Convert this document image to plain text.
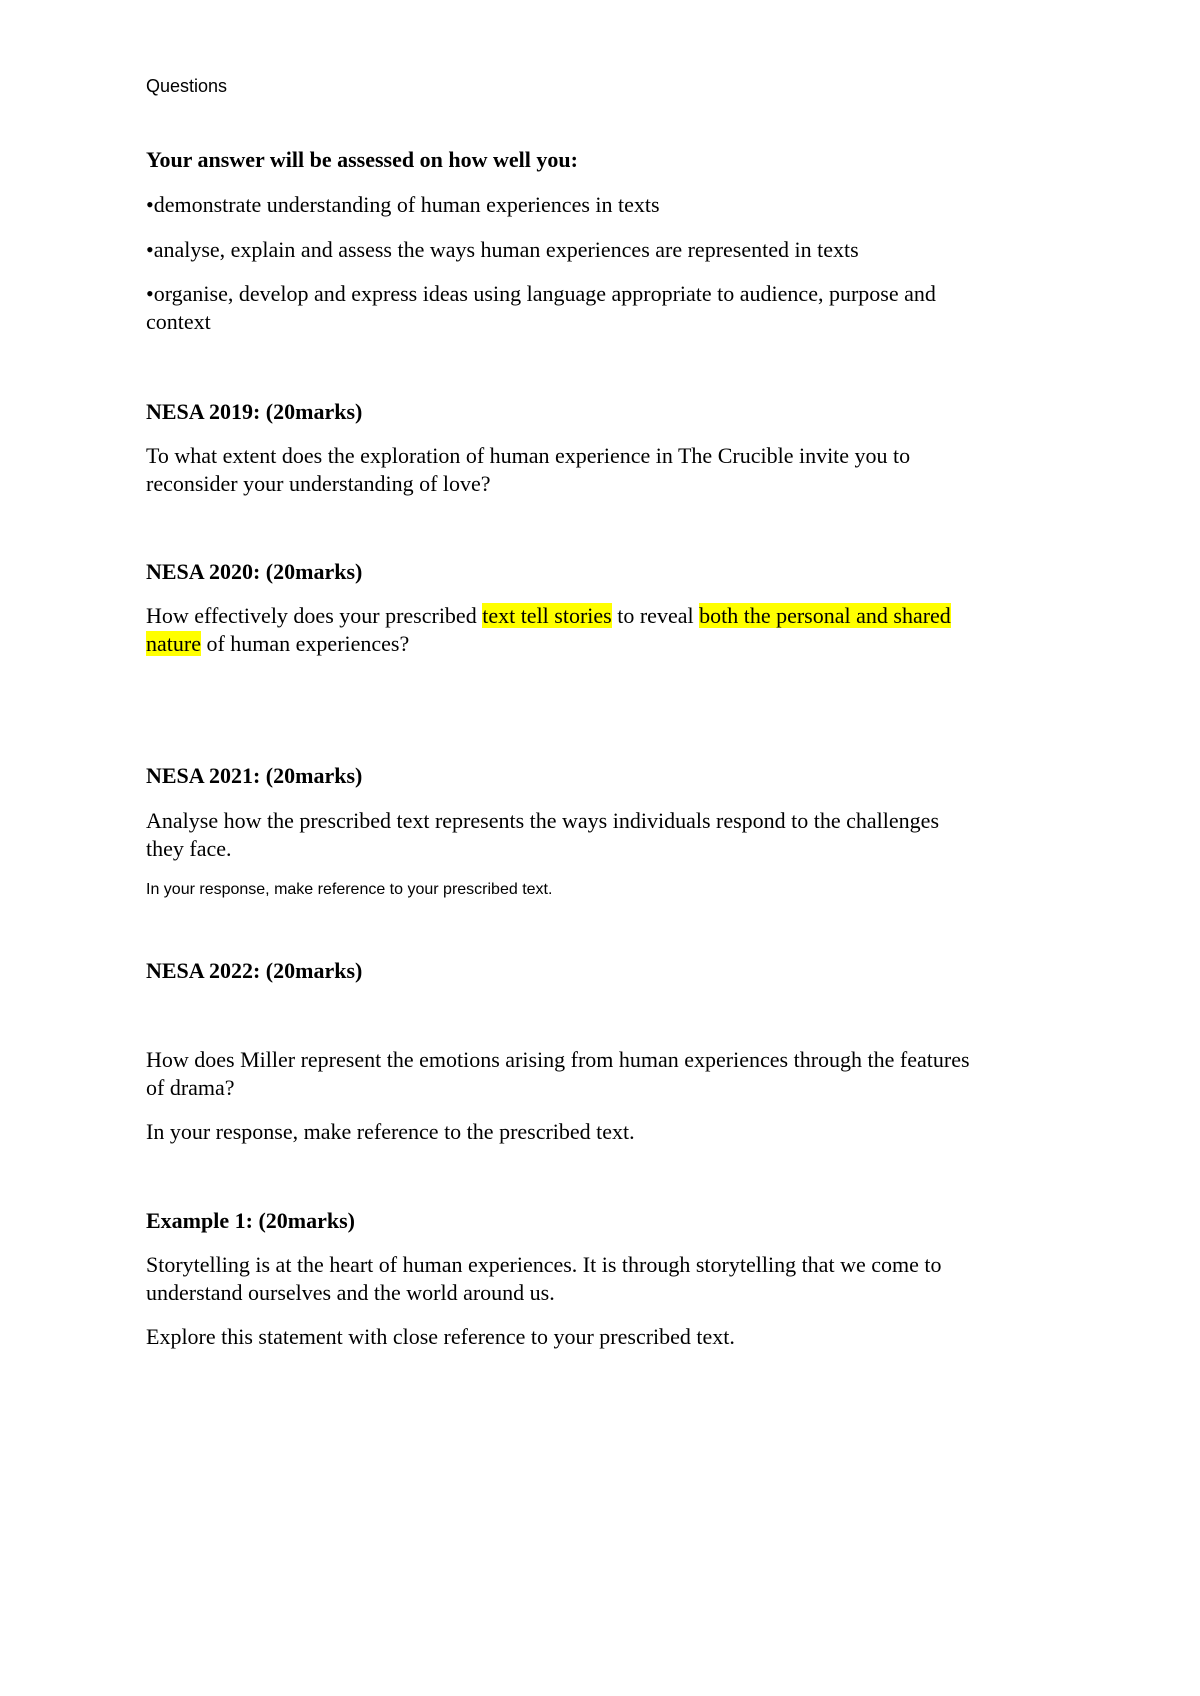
Questions
Your answer will be assessed on how well you:
•demonstrate understanding of human experiences in texts
•analyse, explain and assess the ways human experiences are represented in texts
•organise, develop and express ideas using language appropriate to audience, purpose and
context
NESA 2019: (20marks)
To what extent does the exploration of human experience in The Crucible invite you to
reconsider your understanding of love?
NESA 2020: (20marks)
How effectively does your prescribed text tell stories to reveal both the personal and shared
nature of human experiences?
NESA 2021: (20marks)
Analyse how the prescribed text represents the ways individuals respond to the challenges
they face.
In your response, make reference to your prescribed text.
NESA 2022: (20marks)
How does Miller represent the emotions arising from human experiences through the features
of drama?
In your response, make reference to the prescribed text.
Example 1: (20marks)
Storytelling is at the heart of human experiences. It is through storytelling that we come to
understand ourselves and the world around us.
Explore this statement with close reference to your prescribed text.
